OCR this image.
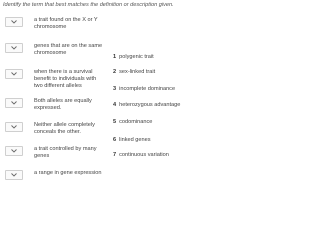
Identify the term that best matches the definition or description given.
a trait found on the X or Y
chromosome
genes that are on the same
chromosome
when there is a survival
benefit to individuals with
two different alleles
Both alleles are equally
expressed.
Neither allele completely
conceals the other.
a trait controlled by many
genes
a range in gene expression
1 polygenic trait
2 sex-linked trait
3 incomplete dominance
4 heterozygous advantage
5 codominance
6 linked genes
7 continuous variation
